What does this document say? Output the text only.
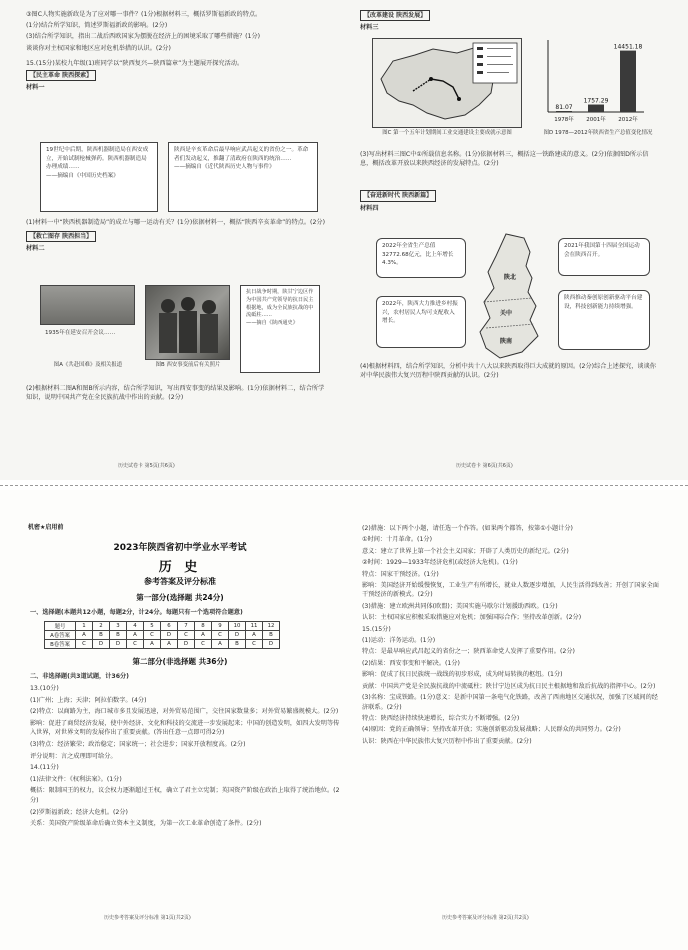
③图C人物实施新政是为了应对哪一事件？(1分)根据材料三，概括罗斯福新政的特点。

(1分)结合所学知识，简述罗斯福新政的影响。(2分)

(3)结合所学知识，指出二战后西欧国家为摆脱在经济上的困境采取了哪些措施？(1分)

谈谈你对主权国家和地区应对危机举措的认识。(2分)

15.(15分)某校九年级(1)班同学以“陕西复兴—陕西篇章”为主题展开探究活动。

【民主革命 陕西探索】

材料一

19世纪中后期，陕西机器制造局在西安成立，开始试制枪械弹药。陕西机器制造局办理成绩……
——摘编自《中国历史档案》
陕西是辛亥革命后最早响应武昌起义的省份之一。革命者们发动起义，推翻了清政府在陕西的统治……
——摘编自《近代陕西历史人物与事件》

(1)材料一中“陕西机器制造局”的成立与哪一运动有关？(1分)依据材料一，概括“陕西辛亥革命”的特点。(2分)

【救亡图存 陕西担当】

材料二

1935年在延安召开会议……
图A《共赴国难》及相关报道	图B 西安事变前后有关照片
抗日战争时期，陕甘宁边区作为中国共产党领导的抗日民主根据地，成为全民族抗战的中流砥柱……
——摘自《陕西通史》

(2)根据材料二图A和图B所示内容，结合所学知识，写出西安事变的结果及影响。(1分)依据材料二，结合所学知识，说明中国共产党在全民族抗战中作出的贡献。(2分)

历史试卷卡 第5页(共6页)

【改革建设 陕西发展】

材料三

图C 第一个五年计划期间工业交通建设主要成就示意图
81.07
1978年
1757.29
2001年
14451.18
2012年
图D 1978—2012年陕西省生产总值变化情况

(3)写出材料三图C中①所载信息名称。(1分)依据材料三，概括这一铁路建成的意义。(2分)依据图D所示信息，概括改革开放以来陕西经济的发展特点。(2分)

【奋进新时代 陕西新篇】

材料四

陕北
关中
陕南
2022年全省生产总值32772.68亿元，比上年增长4.3%。
2021年我国第十四届全国运动会在陕西召开。
2022年，陕西大力推进乡村振兴，农村居民人均可支配收入增长。
陕西推动秦创原创新驱动平台建设，科技创新能力持续增强。

(4)根据材料四，结合所学知识，分析中共十八大以来陕西取得巨大成就的原因。(2分)综合上述探究，谈谈你对中华民族伟大复兴历程中陕西贡献的认识。(2分)

历史试卷卡 第6页(共6页)
机密★启用前
2023年陕西省初中学业水平考试
历 史
参考答案及评分标准
第一部分(选择题 共24分)
一、选择题(本题共12小题，每题2分，计24分。每题只有一个选项符合题意)
题号	1	2	3	4	5	6	7	8	9	10	11	12
A卷答案	A	B	B	A	C	D	C	A	C	D	A	B
B卷答案	C	D	D	C	A	A	D	C	A	B	C	D
第二部分(非选择题 共36分)
二、非选择题(共3道试题，计36分)

13.(10分)

(1)广州；上海；天津；阿拉伯数字。(4分)

(2)特点：以商路为主，海口城市多且发展迅速，对外贸易范围广，交往国家数量多；对外贸易繁盛规模大。(2分)

影响：促进了商贸经济发展，使中外经济、文化和科技的交流进一步发展起来；中国的创造发明，如四大发明等传入世界，对世界文明的发展作出了重要贡献。(答出任意一点即可得2分)

(3)特点：经济繁荣；政治稳定；国家统一；社会进步；国家开放程度高。(2分)

评分说明：言之成理即可给分。

14.(11分)

(1)法律文件：《权利法案》。(1分)

概括：限制国王的权力，议会权力逐渐超过王权，确立了君主立宪制；英国资产阶级在政治上取得了统治地位。(2分)

(2)罗斯福新政；经济大危机。(2分)

关系：美国资产阶级革命后确立资本主义制度，为第一次工业革命创造了条件。(2分)

历史参考答案及评分标准 第1页(共2页)

(2)措施：以下两个小题，请任选一个作答。(如果两个都答，按第①小题计分)

①时间：十月革命。(1分)

意义：建立了世界上第一个社会主义国家；开辟了人类历史的新纪元。(2分)

②时间：1929—1933年经济危机(或经济大危机)。(1分)

特点：国家干预经济。(1分)

影响：美国经济开始缓慢恢复，工业生产有所增长，就业人数逐步增加，人民生活得到改善；开创了国家全面干预经济的新模式。(2分)

(3)措施：建立欧洲共同体(欧盟)；美国实施马歇尔计划援助西欧。(1分)

认识：主权国家应积极采取措施应对危机；加强国际合作；坚持改革创新。(2分)

15.(15分)

(1)运动：洋务运动。(1分)

特点：是最早响应武昌起义的省份之一；陕西革命党人发挥了重要作用。(2分)

(2)结果：西安事变和平解决。(1分)

影响：促成了抗日民族统一战线的初步形成，成为时局转换的枢纽。(1分)

贡献：中国共产党是全民族抗战的中流砥柱；陕甘宁边区成为抗日民主根据地和敌后抗战的指挥中心。(2分)

(3)名称：宝成铁路。(1分)意义：是新中国第一条电气化铁路，改善了西南地区交通状况，加强了区域间的经济联系。(2分)

特点：陕西经济持续快速增长，综合实力不断增强。(2分)

(4)原因：党的正确领导；坚持改革开放；实施创新驱动发展战略；人民群众的共同努力。(2分)

认识：陕西在中华民族伟大复兴历程中作出了重要贡献。(2分)

历史参考答案及评分标准 第2页(共2页)
